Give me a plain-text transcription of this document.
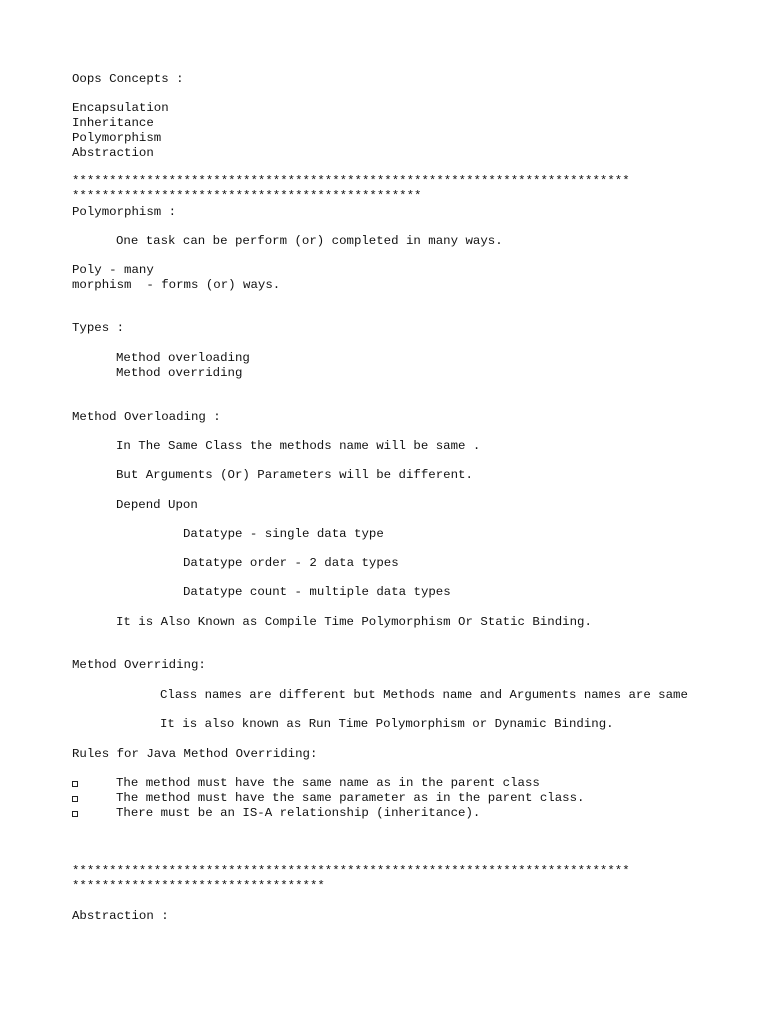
Oops Concepts :
Encapsulation
Inheritance
Polymorphism
Abstraction
***************************************************************************
***********************************************
Polymorphism :
One task can be perform (or) completed in many ways.
Poly - many
morphism  - forms (or) ways.
Types :
Method overloading
Method overriding
Method Overloading :
In The Same Class the methods name will be same .
But Arguments (Or) Parameters will be different.
Depend Upon
Datatype - single data type
Datatype order - 2 data types
Datatype count - multiple data types
It is Also Known as Compile Time Polymorphism Or Static Binding.
Method Overriding:
Class names are different but Methods name and Arguments names are same
It is also known as Run Time Polymorphism or Dynamic Binding.
Rules for Java Method Overriding:

The method must have the same name as in the parent class

The method must have the same parameter as in the parent class.

There must be an IS-A relationship (inheritance).

***************************************************************************
**********************************
Abstraction :
